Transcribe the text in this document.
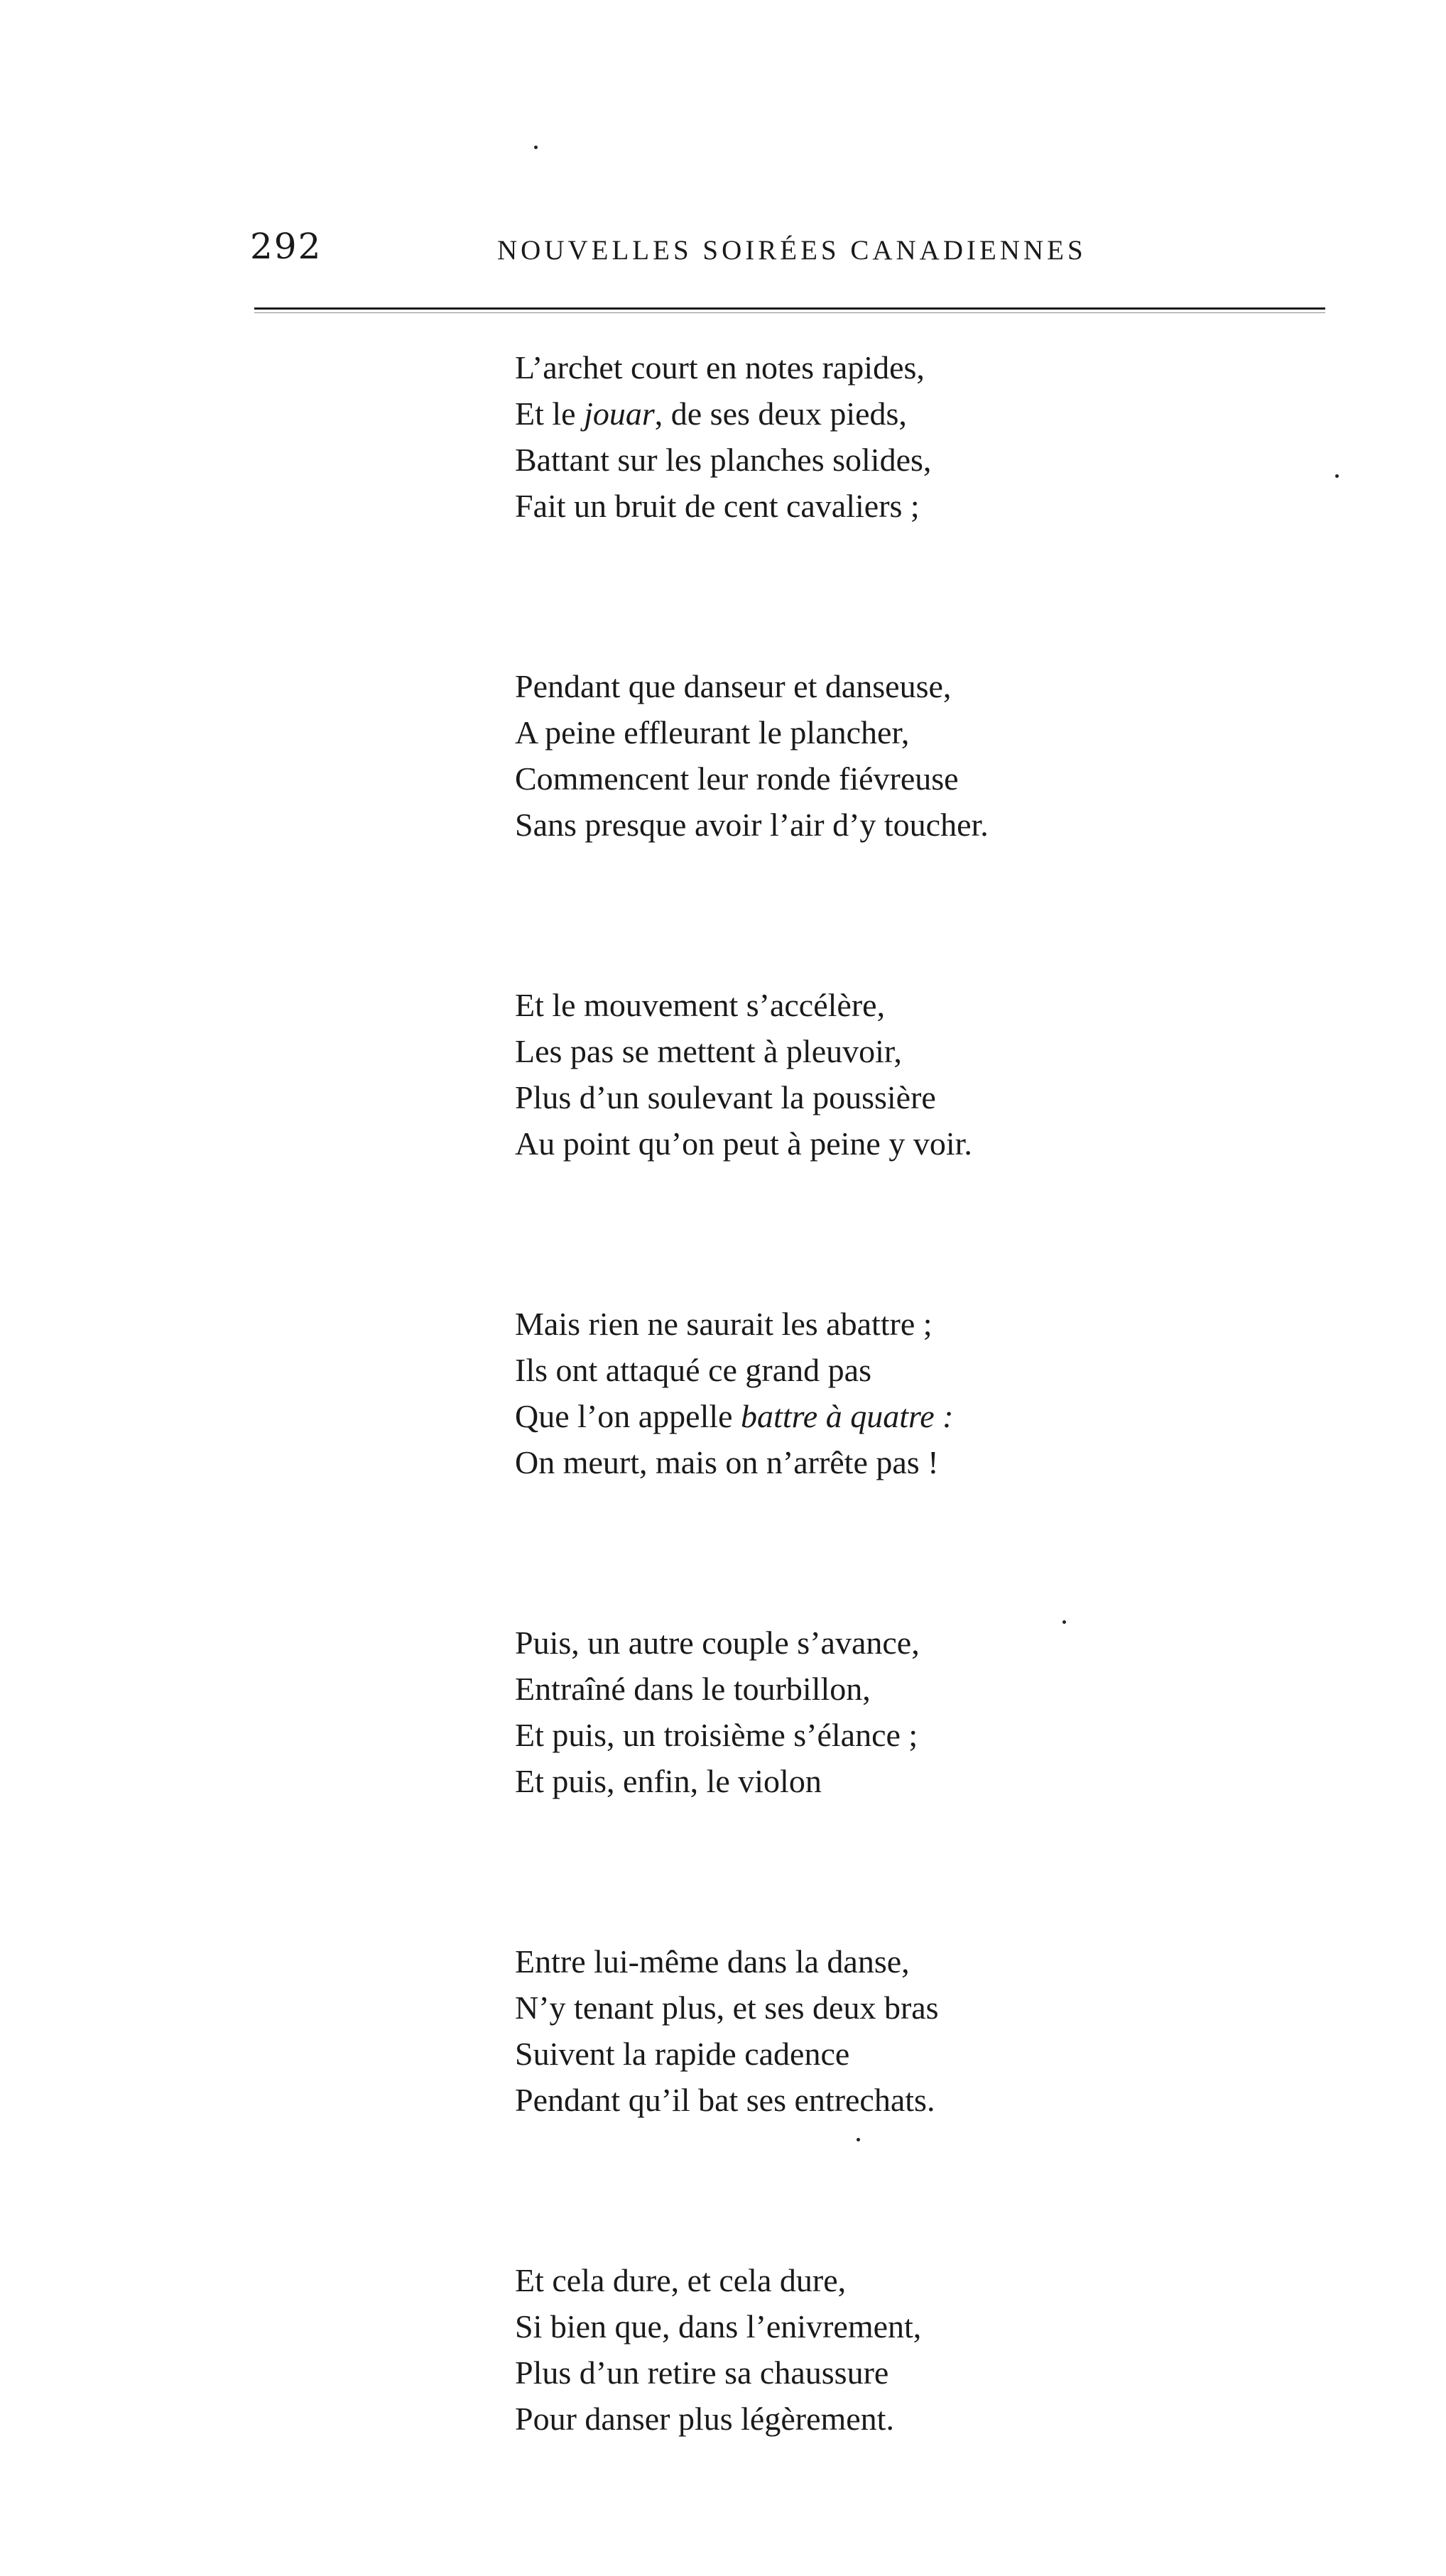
292	NOUVELLES SOIRÉES CANADIENNES
L’archet court en notes rapides,
Et le jouar, de ses deux pieds,
Battant sur les planches solides,
Fait un bruit de cent cavaliers ;
Pendant que danseur et danseuse,
A peine effleurant le plancher,
Commencent leur ronde fiévreuse
Sans presque avoir l’air d’y toucher.
Et le mouvement s’accélère,
Les pas se mettent à pleuvoir,
Plus d’un soulevant la poussière
Au point qu’on peut à peine y voir.
Mais rien ne saurait les abattre ;
Ils ont attaqué ce grand pas
Que l’on appelle battre à quatre :
On meurt, mais on n’arrête pas !
Puis, un autre couple s’avance,
Entraîné dans le tourbillon,
Et puis, un troisième s’élance ;
Et puis, enfin, le violon
Entre lui-même dans la danse,
N’y tenant plus, et ses deux bras
Suivent la rapide cadence
Pendant qu’il bat ses entrechats.
Et cela dure, et cela dure,
Si bien que, dans l’enivrement,
Plus d’un retire sa chaussure
Pour danser plus légèrement.
